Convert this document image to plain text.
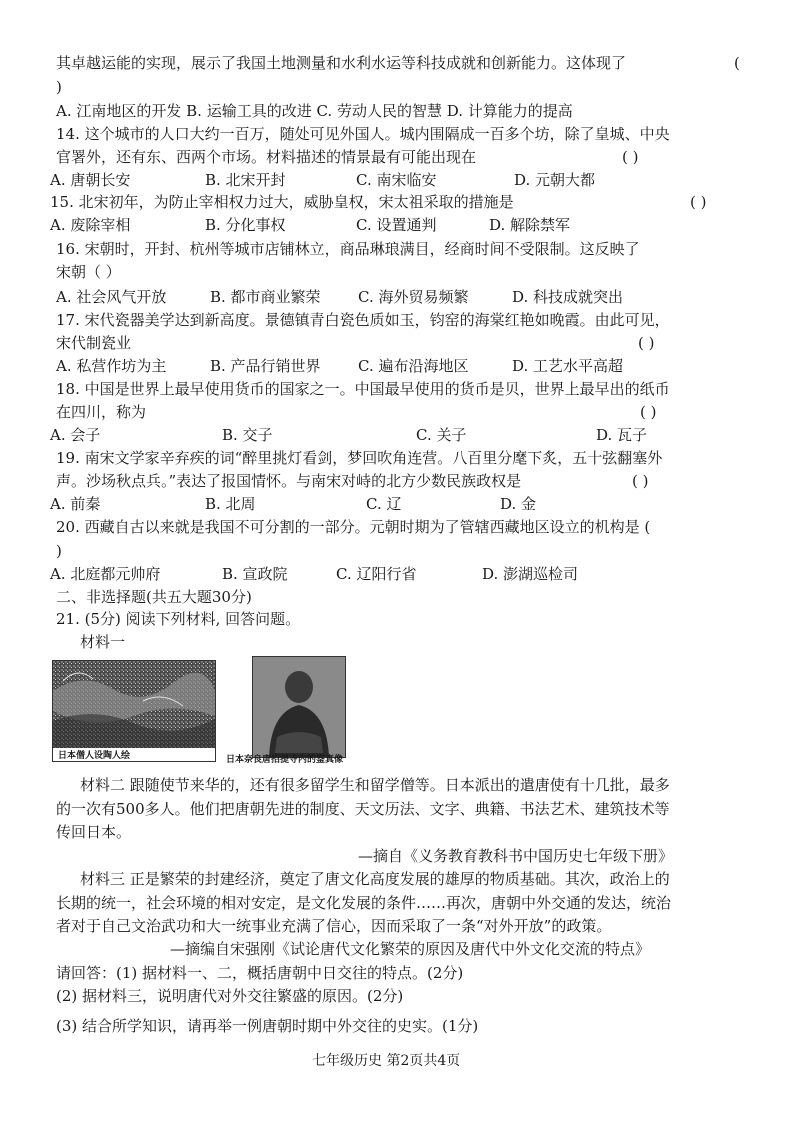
其卓越运能的实现，展示了我国土地测量和水利水运等科技成就和创新能力。这体现了	(
)
A. 江南地区的开发 B. 运输工具的改进 C. 劳动人民的智慧 D. 计算能力的提高
14. 这个城市的人口大约一百万，随处可见外国人。城内围隔成一百多个坊，除了皇城、中央
官署外，还有东、西两个市场。材料描述的情景最有可能出现在	( )
A. 唐朝长安	B. 北宋开封	C. 南宋临安	D. 元朝大都
15. 北宋初年，为防止宰相权力过大，威胁皇权，宋太祖采取的措施是	( )
A. 废除宰相	B. 分化事权	C. 设置通判	D. 解除禁军
16. 宋朝时，开封、杭州等城市店铺林立，商品琳琅满目，经商时间不受限制。这反映了
宋朝（ ）
A. 社会风气开放	B. 都市商业繁荣 C. 海外贸易频繁	D. 科技成就突出
17. 宋代瓷器美学达到新高度。景德镇青白瓷色质如玉，钧窑的海棠红艳如晚霞。由此可见，
宋代制瓷业	( )
A. 私营作坊为主	B. 产品行销世界 C. 遍布沿海地区	D. 工艺水平高超
18. 中国是世界上最早使用货币的国家之一。中国最早使用的货币是贝，世界上最早出的纸币
在四川，称为	( )
A. 会子	B. 交子	C. 关子	D. 瓦子
19. 南宋文学家辛弃疾的词“醉里挑灯看剑，梦回吹角连营。八百里分麾下炙，五十弦翻塞外
声。沙场秋点兵。”表达了报国情怀。与南宋对峙的北方少数民族政权是	( )
A. 前秦	B. 北周	C. 辽	D. 金
20. 西藏自古以来就是我国不可分割的一部分。元朝时期为了管辖西藏地区设立的机构是 (
)
A. 北庭都元帅府	B. 宣政院	C. 辽阳行省	D. 澎湖巡检司
二、非选择题(共五大题30分)
21. (5分) 阅读下列材料, 回答问题。
材料一
日本僧人设陶人绘	日本奈良唐招提寺内的鉴真像
材料二 跟随使节来华的，还有很多留学生和留学僧等。日本派出的遣唐使有十几批，最多
的一次有500多人。他们把唐朝先进的制度、天文历法、文字、典籍、书法艺术、建筑技术等
传回日本。
—摘自《义务教育教科书中国历史七年级下册》
材料三 正是繁荣的封建经济，奠定了唐文化高度发展的雄厚的物质基础。其次，政治上的
长期的统一，社会环境的相对安定，是文化发展的条件……再次，唐朝中外交通的发达，统治
者对于自己文治武功和大一统事业充满了信心，因而采取了一条“对外开放”的政策。
—摘编自宋强刚《试论唐代文化繁荣的原因及唐代中外文化交流的特点》
请回答：(1) 据材料一、二，概括唐朝中日交往的特点。(2分)
(2) 据材料三，说明唐代对外交往繁盛的原因。(2分)
(3) 结合所学知识，请再举一例唐朝时期中外交往的史实。(1分)
七年级历史 第2页共4页
